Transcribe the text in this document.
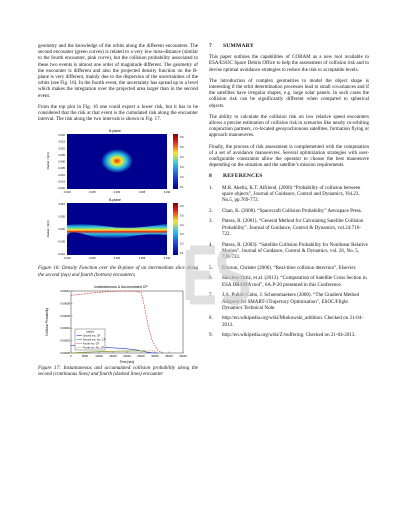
geometry and the knowledge of the orbits along the different encounters. The second encounter (green curves) is related to a very low miss-distance (similar to the fourth encounter, pink curve), but the collision probability associated to these two events is almost one order of magnitude different. The geometry of the encounter is different and also the projected density function on the B-plane is very different, mainly due to the dispersion of the uncertainties of the orbits (see Fig. 16). In the fourth event, the uncertainty has spread up to a level which makes the integration over the projected area larger than in the second event.

From the top plot in Fig. 16 one could expect a lower risk, but it has to be considered that the risk at that event is the cumulated risk along the encounter interval. The risk along the two intervals is shown in Fig. 17.

B-plane
0.020
0.015
0.010
0.005
0.000
-0.005
-0.010
-0.015
-0.020
0.6
0.5
0.4
0.3
0.2
0.1
-0.010	-0.005	0.000	0.005	0.010
Radial r [km]
B-plane
0.010
0.005
0.000
-0.005
-0.010
0.6
0.5
0.4
0.3
0.2
0.1
-0.010	-0.005	0.000	0.005	0.010
Radial r [km]

Figure 16: Density Function over the B-plane of an intermediate slice along the second (top) and fourth (bottom) encounters

Instantaneous & Accumulated CP
0.00010
0.00008
0.00006
0.00004
0.00002
0.00000
0	5000	10000 15000 20000 25000 30000 35000 40000
Legend
Second enc. CP
Second enc. Acc. CP
Fourth enc. CP
Fourth enc. Acc. CP
Time [sec]
Collision Probability

Figure 17: Instantaneous and accumulated collision probability along the second (continuous lines) and fourth (dashed lines) encounter

7 SUMMARY

This paper outlines the capabilities of CORAM as a new tool available to ESA/ESOC Space Debris Office to help the assessment of collision risk and to devise optimal avoidance strategies to reduce the risk to acceptable levels.

The introduction of complex geometries to model the object shape is interesting if the orbit determination processes lead to small covariances and if the satellites have irregular shapes, e.g. large solar panels. In such cases the collision risk can be significantly different when compared to spherical objects.

The ability to calculate the collision risk on low relative speed encounters allows a precise estimation of collision risk in scenarios like nearly co-orbiting conjunction partners, co-located geosynchronous satellites, formation flying or approach manoeuvres.

Finally, the process of risk assessment is complemented with the computation of a set of avoidance manoeuvres. Several optimization strategies with user-configurable constraints allow the operator to choose the best manoeuvre depending on the situation and the satellite’s mission requirements.

8 REFERENCES
1. M.R. Akella, K.T. Alfriend, (2000) “Probability of collision between space objects”, Journal of Guidance, Control and Dynamics, Vol.23, No.5, pp.769-772.
2. Chan, K. (2008). “Spacecraft Collision Probability” Aerospace Press.
3. Patera, R. (2001), “General Method for Calculating Satellite Collision Probability”. Journal of Guidance, Control & Dynamics, vol.24:716-722.
4. Patera, R. (2003). “Satellite Collision Probability for Nonlinear Relative Motion”. Journal of Guidance, Control & Dynamics, vol. 26, No. 5, 728-733.
5. Ericson, Christer (2006). “Real-time collision detection”, Elsevier.
6. Sánchez-Ortiz, et al. (2013). “Computation of Satellite Cross Section in ESA DRAMA tool”, 6A.P-20 presented in this Conference.
7. J.A. Pulido-Cobo, J. Schoenmaekers (2000). “The Gradient Method Adapted for SMART-1Trajectory Optimisation”, ESOC/Flight Dynamics Technical Note.
8. http://en.wikipedia.org/wiki/Minkowski_addition. Checked on 21-04-2013.
9. http://en.wikipedia.org/wiki/Z-buffering. Checked on 21-04-2013.
